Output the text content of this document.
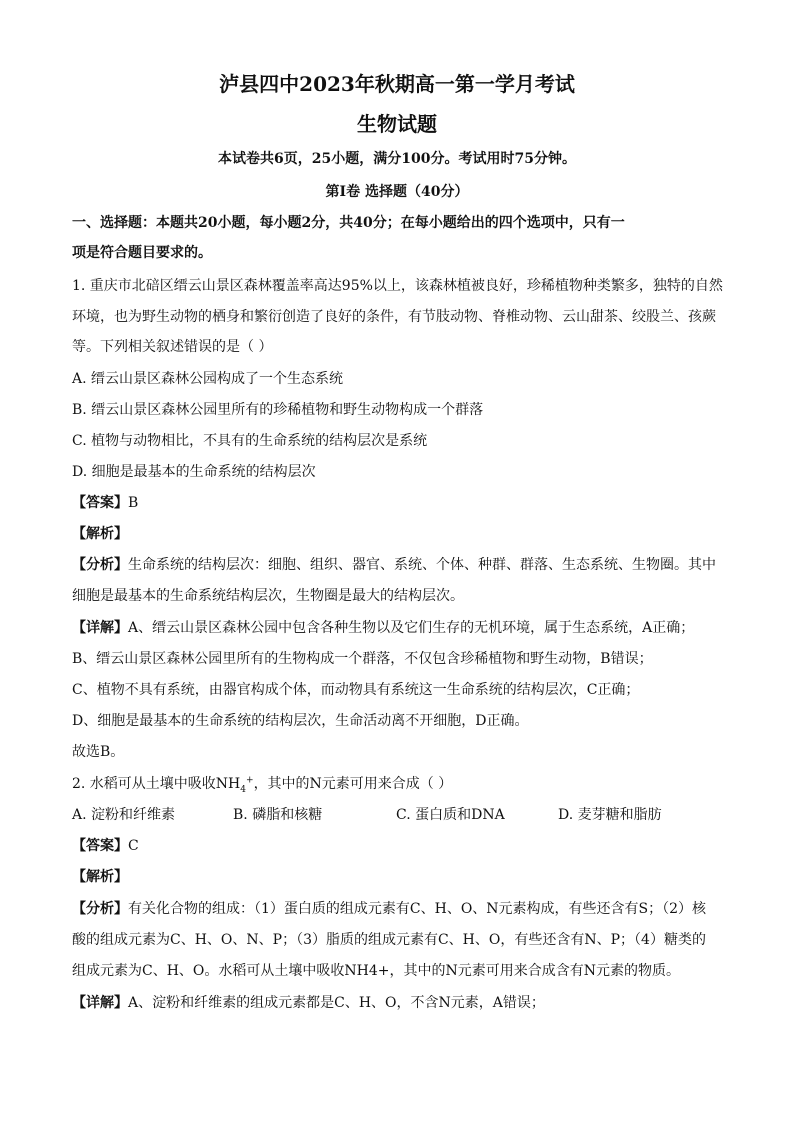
泸县四中2023年秋期高一第一学月考试
生物试题
本试卷共6页，25小题，满分100分。考试用时75分钟。
第I卷 选择题（40分）
一、选择题：本题共20小题，每小题2分，共40分；在每小题给出的四个选项中，只有一
项是符合题目要求的。
1. 重庆市北碚区缙云山景区森林覆盖率高达95%以上，该森林植被良好，珍稀植物种类繁多，独特的自然
环境，也为野生动物的栖身和繁衍创造了良好的条件，有节肢动物、脊椎动物、云山甜茶、绞股兰、孩蕨
等。下列相关叙述错误的是（ ）
A. 缙云山景区森林公园构成了一个生态系统
B. 缙云山景区森林公园里所有的珍稀植物和野生动物构成一个群落
C. 植物与动物相比，不具有的生命系统的结构层次是系统
D. 细胞是最基本的生命系统的结构层次
【答案】B
【解析】
【分析】生命系统的结构层次：细胞、组织、器官、系统、个体、种群、群落、生态系统、生物圈。其中
细胞是最基本的生命系统结构层次，生物圈是最大的结构层次。
【详解】A、缙云山景区森林公园中包含各种生物以及它们生存的无机环境，属于生态系统，A正确；
B、缙云山景区森林公园里所有的生物构成一个群落，不仅包含珍稀植物和野生动物，B错误；
C、植物不具有系统，由器官构成个体，而动物具有系统这一生命系统的结构层次，C正确；
D、细胞是最基本的生命系统的结构层次，生命活动离不开细胞，D正确。
故选B。
2. 水稻可从土壤中吸收$NH_4^+$，其中的N元素可用来合成（ ）
A. 淀粉和纤维素	B. 磷脂和核糖	C. 蛋白质和DNA	D. 麦芽糖和脂肪
【答案】C
【解析】
【分析】有关化合物的组成：（1）蛋白质的组成元素有C、H、O、N元素构成，有些还含有S；（2）核
酸的组成元素为C、H、O、N、P；（3）脂质的组成元素有C、H、O，有些还含有N、P；（4）糖类的
组成元素为C、H、O。水稻可从土壤中吸收NH4+，其中的N元素可用来合成含有N元素的物质。
【详解】A、淀粉和纤维素的组成元素都是C、H、O，不含N元素，A错误；
